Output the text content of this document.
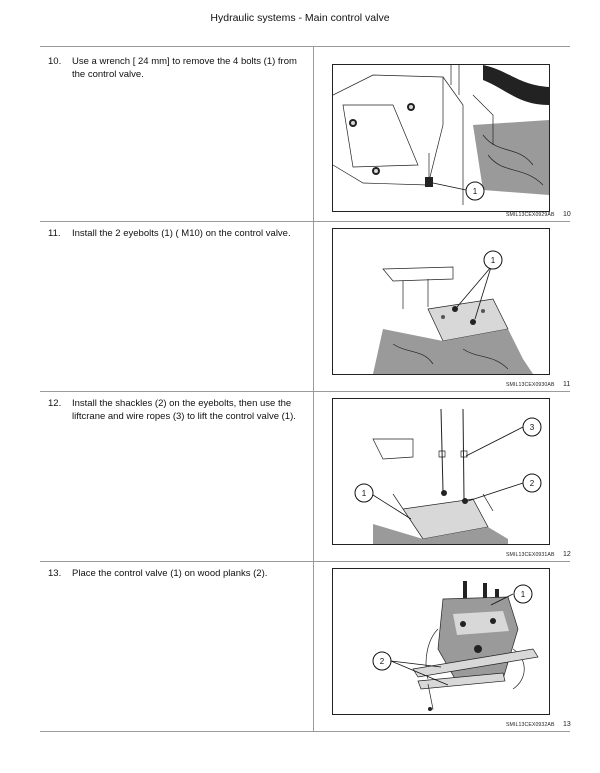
Hydraulic systems - Main control valve
10.	Use a wrench [ 24 mm] to remove the 4 bolts (1) from the control valve.
1
SMIL13CEX0929AB 10
11.	Install the 2 eyebolts (1) ( M10) on the control valve.
1
SMIL13CEX0930AB 11
12.	Install the shackles (2) on the eyebolts, then use the liftcrane and wire ropes (3) to lift the control valve (1).
3
2
1
SMIL13CEX0931AB 12
13.	Place the control valve (1) on wood planks (2).
1
2
SMIL13CEX0932AB 13
